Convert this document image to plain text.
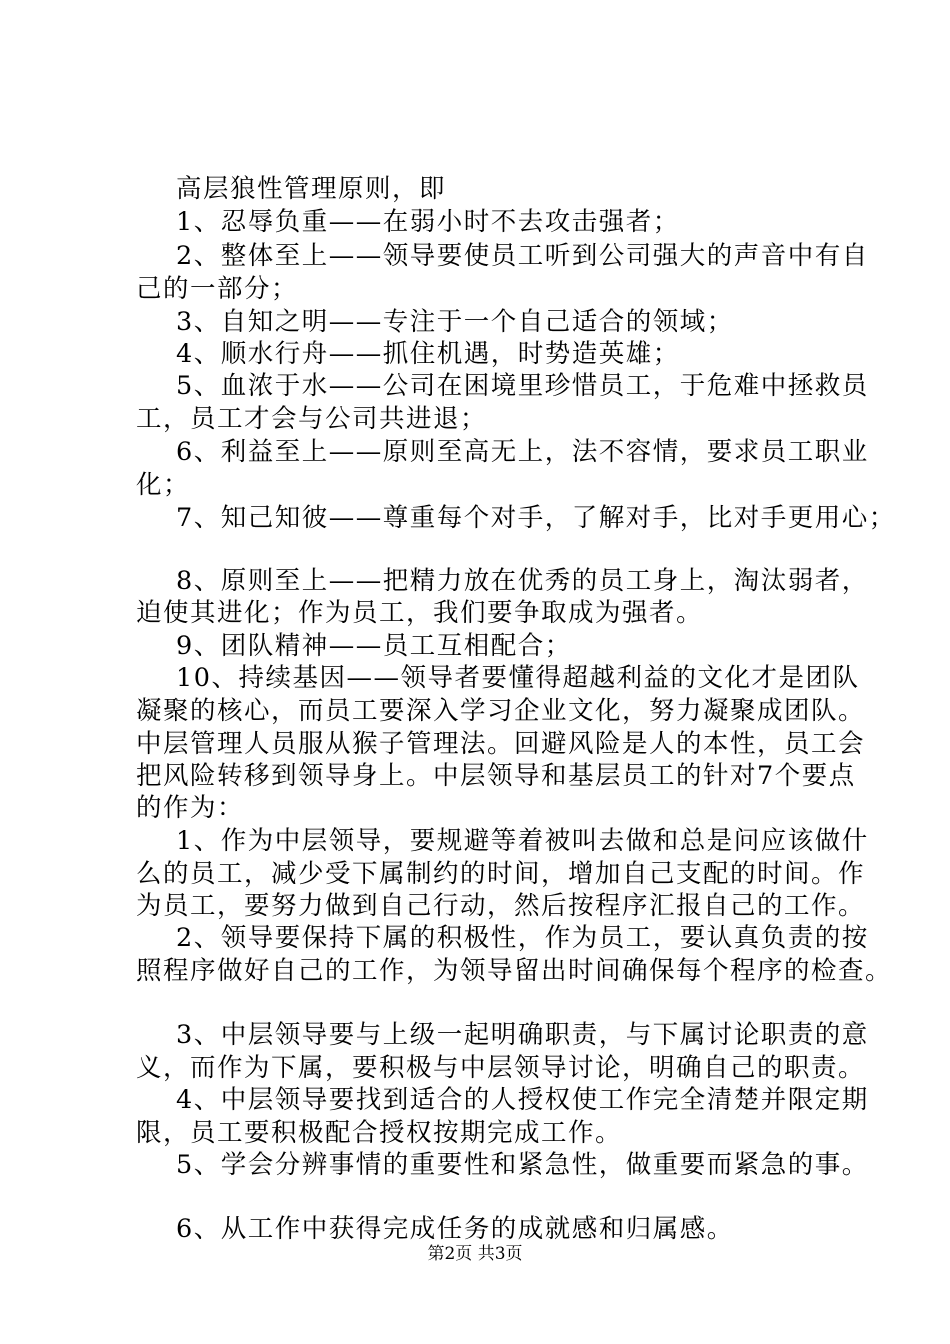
高层狼性管理原则，即
1、忍辱负重——在弱小时不去攻击强者；
2、整体至上——领导要使员工听到公司强大的声音中有自
己的一部分；
3、自知之明——专注于一个自己适合的领域；
4、顺水行舟——抓住机遇，时势造英雄；
5、血浓于水——公司在困境里珍惜员工，于危难中拯救员
工，员工才会与公司共进退；
6、利益至上——原则至高无上，法不容情，要求员工职业
化；
7、知己知彼——尊重每个对手，了解对手，比对手更用心；
8、原则至上——把精力放在优秀的员工身上，淘汰弱者，
迫使其进化；作为员工，我们要争取成为强者。
9、团队精神——员工互相配合；
10、持续基因——领导者要懂得超越利益的文化才是团队
凝聚的核心，而员工要深入学习企业文化，努力凝聚成团队。
中层管理人员服从猴子管理法。回避风险是人的本性，员工会
把风险转移到领导身上。中层领导和基层员工的针对7个要点
的作为：
1、作为中层领导，要规避等着被叫去做和总是问应该做什
么的员工，减少受下属制约的时间，增加自己支配的时间。作
为员工，要努力做到自己行动，然后按程序汇报自己的工作。
2、领导要保持下属的积极性，作为员工，要认真负责的按
照程序做好自己的工作，为领导留出时间确保每个程序的检查。
3、中层领导要与上级一起明确职责，与下属讨论职责的意
义，而作为下属，要积极与中层领导讨论，明确自己的职责。
4、中层领导要找到适合的人授权使工作完全清楚并限定期
限，员工要积极配合授权按期完成工作。
5、学会分辨事情的重要性和紧急性，做重要而紧急的事。
6、从工作中获得完成任务的成就感和归属感。
第2页 共3页
